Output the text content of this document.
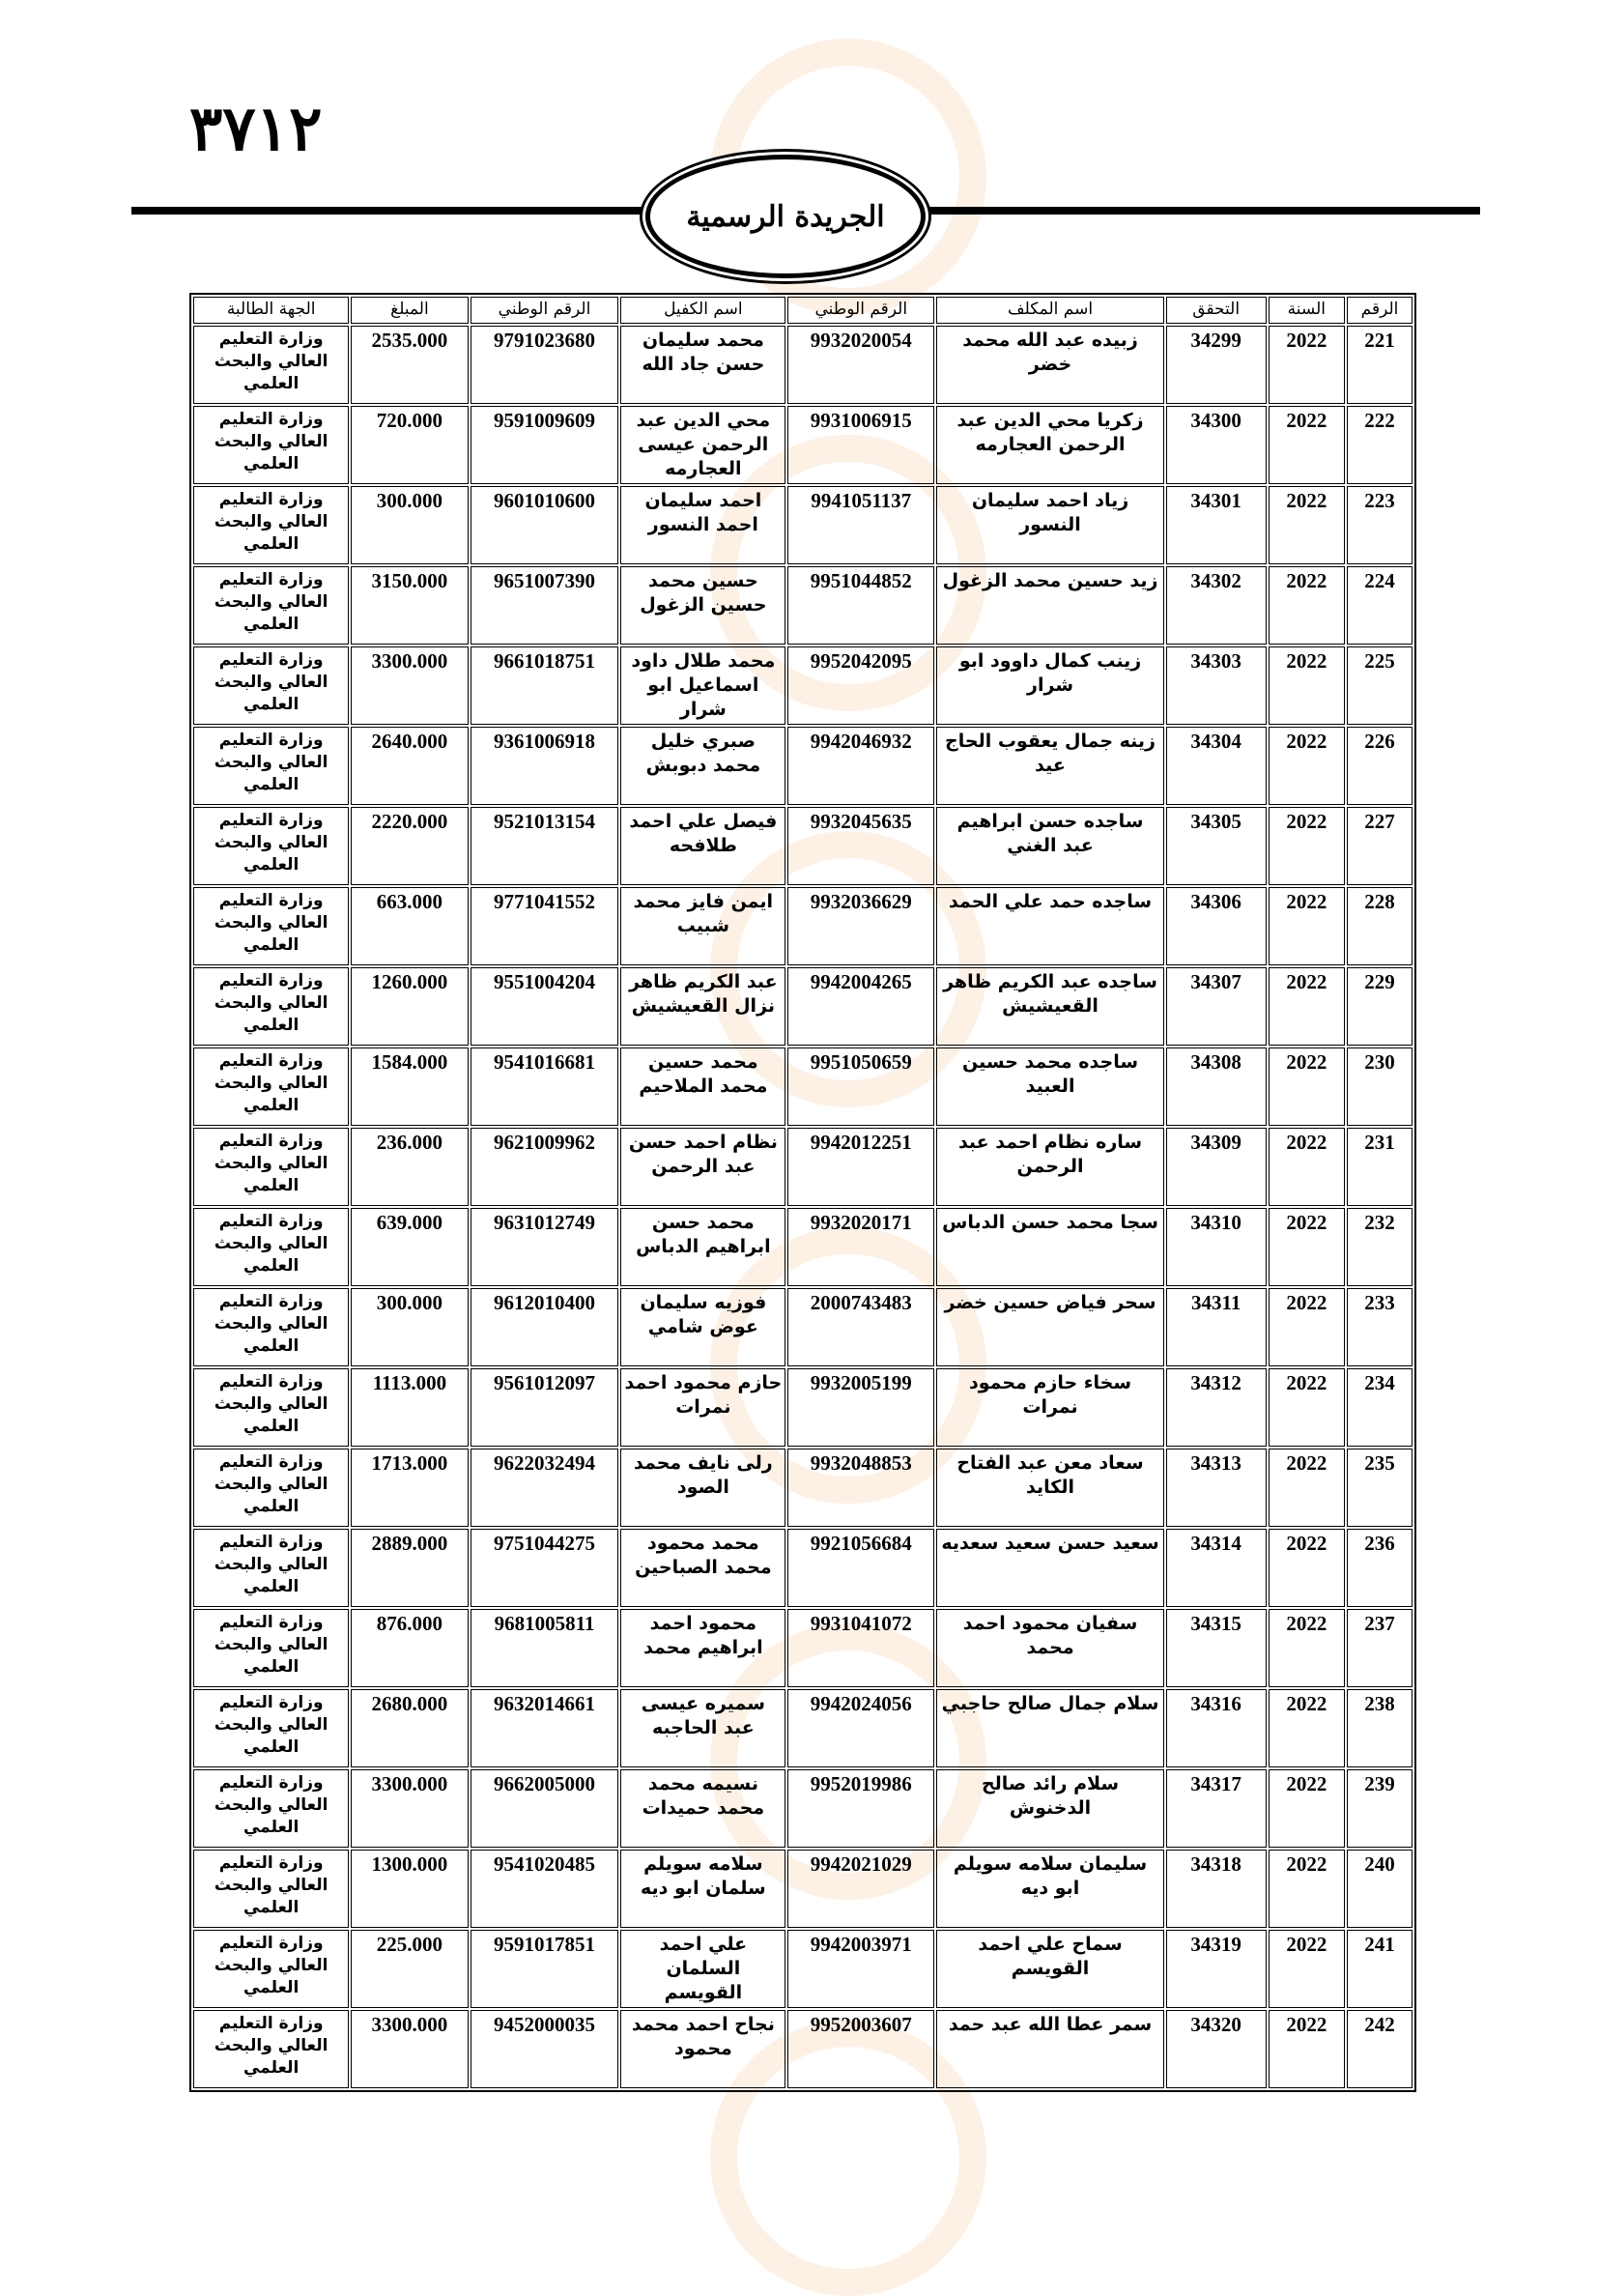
٣٧١٢
الجريدة الرسمية
الرقم	السنة	التحقق	اسم المكلف	الرقم الوطني	اسم الكفيل	الرقم الوطني	المبلغ	الجهة الطالبة
221	2022	34299	زبيده عبد الله محمد خضر	9932020054	محمد سليمان حسن جاد الله	9791023680	2535.000	وزارة التعليم العالي والبحث العلمي
222	2022	34300	زكريا محي الدين عبد الرحمن العجارمه	9931006915	محي الدين عبد الرحمن عيسى العجارمه	9591009609	720.000	وزارة التعليم العالي والبحث العلمي
223	2022	34301	زياد احمد سليمان النسور	9941051137	احمد سليمان احمد النسور	9601010600	300.000	وزارة التعليم العالي والبحث العلمي
224	2022	34302	زيد حسين محمد الزغول	9951044852	حسين محمد حسين الزغول	9651007390	3150.000	وزارة التعليم العالي والبحث العلمي
225	2022	34303	زينب كمال داوود ابو شرار	9952042095	محمد طلال داود اسماعيل ابو شرار	9661018751	3300.000	وزارة التعليم العالي والبحث العلمي
226	2022	34304	زينه جمال يعقوب الحاج عيد	9942046932	صبري خليل محمد دبوبش	9361006918	2640.000	وزارة التعليم العالي والبحث العلمي
227	2022	34305	ساجده حسن ابراهيم عبد الغني	9932045635	فيصل علي احمد طلافحه	9521013154	2220.000	وزارة التعليم العالي والبحث العلمي
228	2022	34306	ساجده حمد علي الحمد	9932036629	ايمن فايز محمد شبيب	9771041552	663.000	وزارة التعليم العالي والبحث العلمي
229	2022	34307	ساجده عبد الكريم ظاهر القعيشيش	9942004265	عبد الكريم ظاهر نزال القعيشيش	9551004204	1260.000	وزارة التعليم العالي والبحث العلمي
230	2022	34308	ساجده محمد حسين العبيد	9951050659	محمد حسين محمد الملاحيم	9541016681	1584.000	وزارة التعليم العالي والبحث العلمي
231	2022	34309	ساره نظام احمد عبد الرحمن	9942012251	نظام احمد حسن عبد الرحمن	9621009962	236.000	وزارة التعليم العالي والبحث العلمي
232	2022	34310	سجا محمد حسن الدباس	9932020171	محمد حسن ابراهيم الدباس	9631012749	639.000	وزارة التعليم العالي والبحث العلمي
233	2022	34311	سحر فياض حسين خضر	2000743483	فوزيه سليمان عوض شامي	9612010400	300.000	وزارة التعليم العالي والبحث العلمي
234	2022	34312	سخاء حازم محمود نمرات	9932005199	حازم محمود احمد نمرات	9561012097	1113.000	وزارة التعليم العالي والبحث العلمي
235	2022	34313	سعاد معن عبد الفتاح الكايد	9932048853	رلى نايف محمد الصود	9622032494	1713.000	وزارة التعليم العالي والبحث العلمي
236	2022	34314	سعيد حسن سعيد سعديه	9921056684	محمد محمود محمد الصباحين	9751044275	2889.000	وزارة التعليم العالي والبحث العلمي
237	2022	34315	سفيان محمود احمد محمد	9931041072	محمود احمد ابراهيم محمد	9681005811	876.000	وزارة التعليم العالي والبحث العلمي
238	2022	34316	سلام جمال صالح حاجبي	9942024056	سميره عيسى عبد الحاجبه	9632014661	2680.000	وزارة التعليم العالي والبحث العلمي
239	2022	34317	سلام رائد صالح الدخنوش	9952019986	نسيمه محمد محمد حميدات	9662005000	3300.000	وزارة التعليم العالي والبحث العلمي
240	2022	34318	سليمان سلامه سويلم ابو ديه	9942021029	سلامه سويلم سلمان ابو ديه	9541020485	1300.000	وزارة التعليم العالي والبحث العلمي
241	2022	34319	سماح علي احمد القويسم	9942003971	علي احمد السلمان القويسم	9591017851	225.000	وزارة التعليم العالي والبحث العلمي
242	2022	34320	سمر عطا الله عبد حمد	9952003607	نجاح احمد محمد محمود	9452000035	3300.000	وزارة التعليم العالي والبحث العلمي
